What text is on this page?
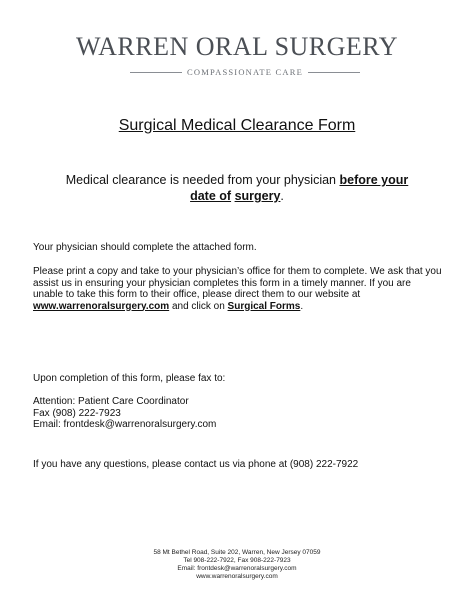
WARREN ORAL SURGERY
COMPASSIONATE CARE
Surgical Medical Clearance Form
Medical clearance is needed from your physician before your
date of surgery.
Your physician should complete the attached form.
Please print a copy and take to your physician’s office for them to complete. We ask that you assist us in ensuring your physician completes this form in a timely manner. If you are unable to take this form to their office, please direct them to our website at www.warrenoralsurgery.com and click on Surgical Forms.
Upon completion of this form, please fax to:
Attention: Patient Care Coordinator
Fax (908) 222-7923
Email: frontdesk@warrenoralsurgery.com
If you have any questions, please contact us via phone at (908) 222-7922
58 Mt Bethel Road, Suite 202, Warren, New Jersey 07059
Tel 908-222-7922, Fax 908-222-7923
Email: frontdesk@warrenoralsurgery.com
www.warrenoralsurgery.com
